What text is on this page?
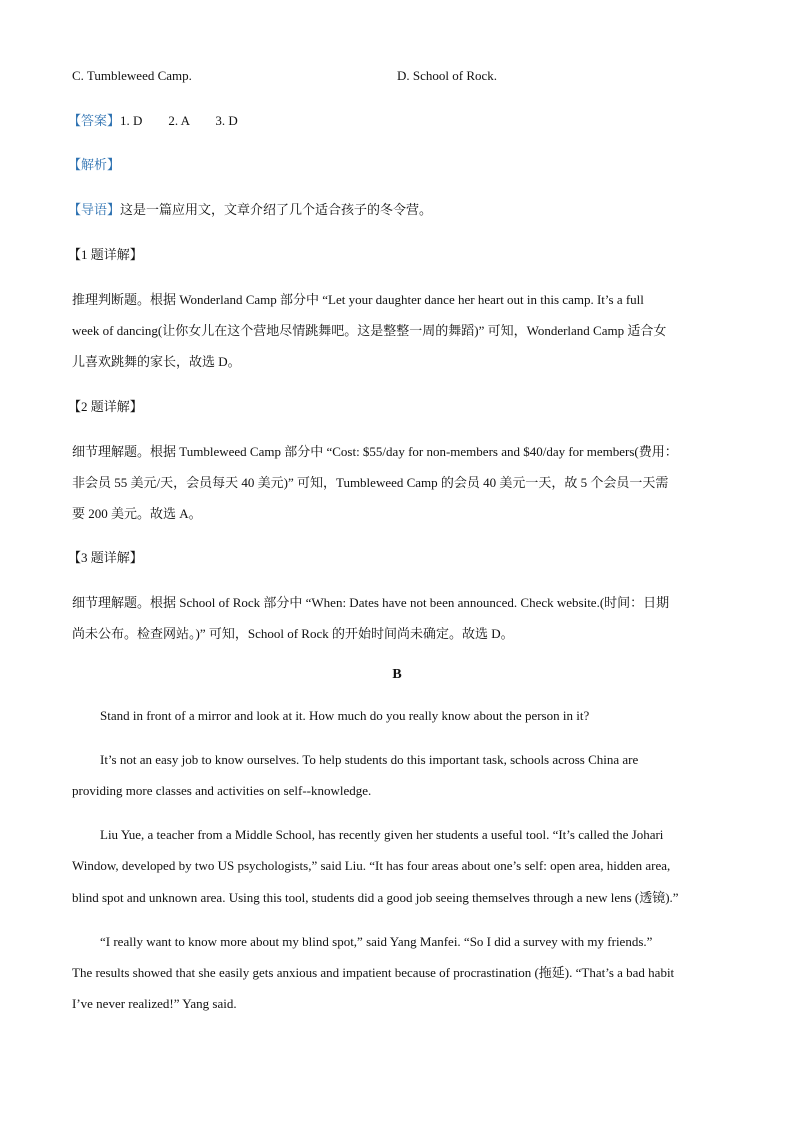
C. Tumbleweed Camp.	D. School of Rock.
【答案】1. D        2. A        3. D
【解析】
【导语】这是一篇应用文，文章介绍了几个适合孩子的冬令营。
【1 题详解】
推理判断题。根据 Wonderland Camp 部分中 “Let your daughter dance her heart out in this camp. It’s a full
week of dancing(让你女儿在这个营地尽情跳舞吧。这是整整一周的舞蹈)” 可知，Wonderland Camp 适合女
儿喜欢跳舞的家长，故选 D。
【2 题详解】
细节理解题。根据 Tumbleweed Camp 部分中 “Cost: $55/day for non-members and $40/day for members(费用：
非会员 55 美元/天，会员每天 40 美元)” 可知，Tumbleweed Camp 的会员 40 美元一天，故 5 个会员一天需
要 200 美元。故选 A。
【3 题详解】
细节理解题。根据 School of Rock 部分中 “When: Dates have not been announced. Check website.(时间：日期
尚未公布。检查网站。)” 可知，School of Rock 的开始时间尚未确定。故选 D。
B
Stand in front of a mirror and look at it. How much do you really know about the person in it?
It’s not an easy job to know ourselves. To help students do this important task, schools across China are
providing more classes and activities on self--knowledge.
Liu Yue, a teacher from a Middle School, has recently given her students a useful tool. “It’s called the Johari
Window, developed by two US psychologists,” said Liu. “It has four areas about one’s self: open area, hidden area,
blind spot and unknown area. Using this tool, students did a good job seeing themselves through a new lens (透镜).”
“I really want to know more about my blind spot,” said Yang Manfei. “So I did a survey with my friends.”
The results showed that she easily gets anxious and impatient because of procrastination (拖延). “That’s a bad habit
I’ve never realized!” Yang said.
